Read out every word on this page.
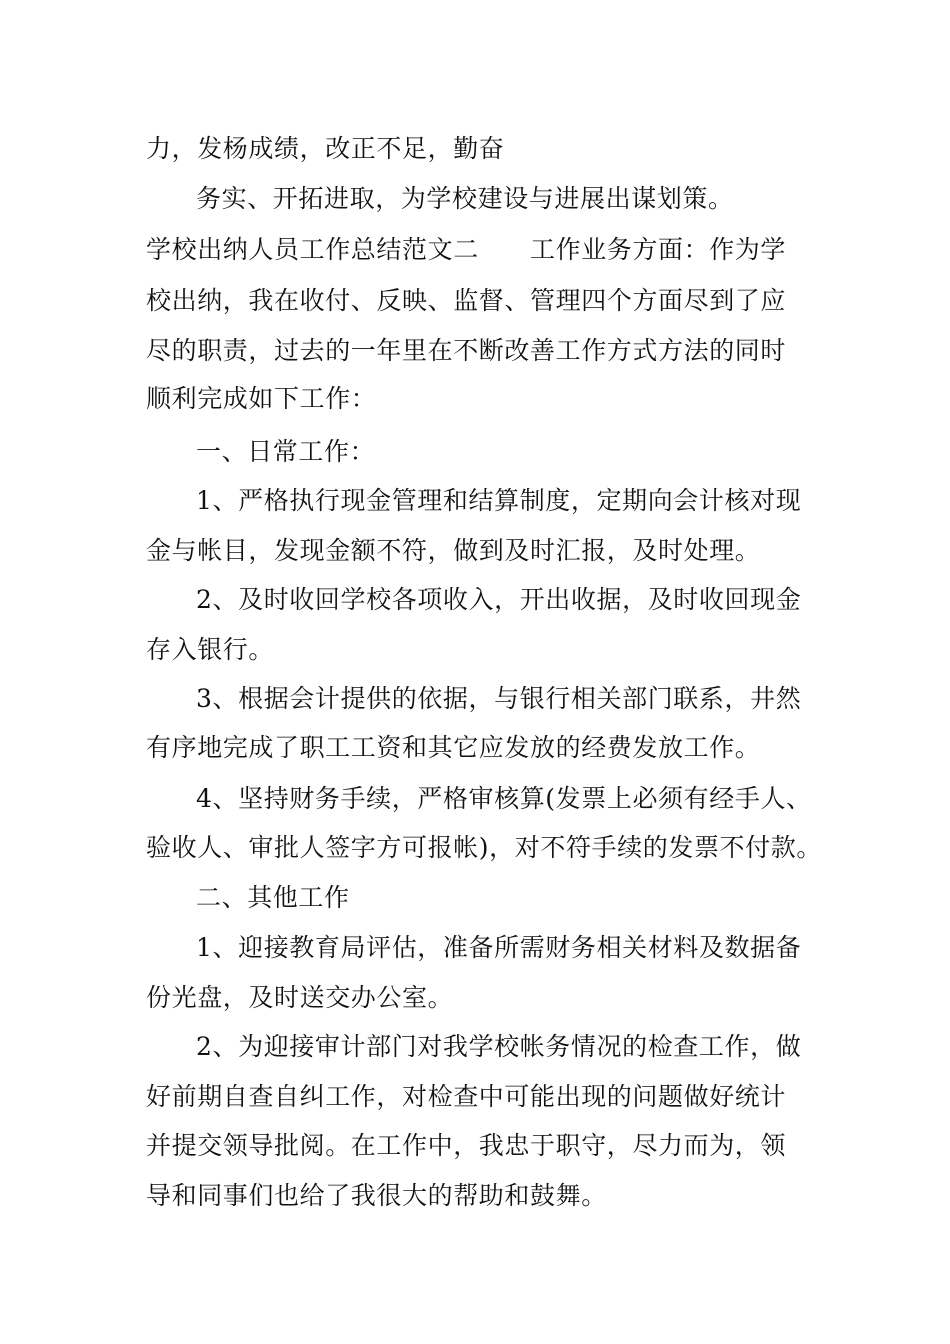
力，发杨成绩，改正不足，勤奋
务实、开拓进取，为学校建设与进展出谋划策。
学校出纳人员工作总结范文二　　工作业务方面：作为学
校出纳，我在收付、反映、监督、管理四个方面尽到了应
尽的职责，过去的一年里在不断改善工作方式方法的同时
顺利完成如下工作：
一、日常工作：
1、严格执行现金管理和结算制度，定期向会计核对现
金与帐目，发现金额不符，做到及时汇报，及时处理。
2、及时收回学校各项收入，开出收据，及时收回现金
存入银行。
3、根据会计提供的依据，与银行相关部门联系，井然
有序地完成了职工工资和其它应发放的经费发放工作。
4、坚持财务手续，严格审核算(发票上必须有经手人、
验收人、审批人签字方可报帐)，对不符手续的发票不付款。
二、其他工作
1、迎接教育局评估，准备所需财务相关材料及数据备
份光盘，及时送交办公室。
2、为迎接审计部门对我学校帐务情况的检查工作，做
好前期自查自纠工作，对检查中可能出现的问题做好统计
并提交领导批阅。在工作中，我忠于职守，尽力而为，领
导和同事们也给了我很大的帮助和鼓舞。
